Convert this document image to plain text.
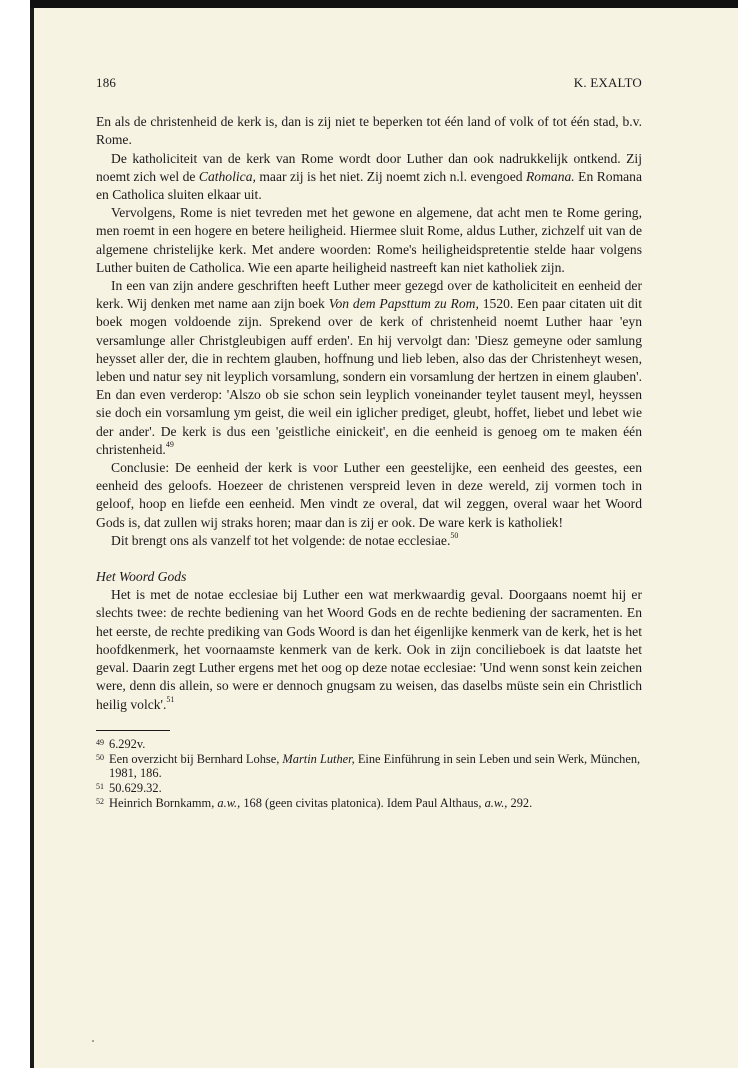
186	K. EXALTO

En als de christenheid de kerk is, dan is zij niet te beperken tot één land of volk of tot één stad, b.v. Rome.

De katholiciteit van de kerk van Rome wordt door Luther dan ook nadrukkelijk ontkend. Zij noemt zich wel de Catholica, maar zij is het niet. Zij noemt zich n.l. evengoed Romana. En Romana en Catholica sluiten elkaar uit.

Vervolgens, Rome is niet tevreden met het gewone en algemene, dat acht men te Rome gering, men roemt in een hogere en betere heiligheid. Hiermee sluit Rome, aldus Luther, zichzelf uit van de algemene christelijke kerk. Met andere woorden: Rome's heiligheidspretentie stelde haar volgens Luther buiten de Catholica. Wie een aparte heiligheid nastreeft kan niet katholiek zijn.

In een van zijn andere geschriften heeft Luther meer gezegd over de katholiciteit en eenheid der kerk. Wij denken met name aan zijn boek Von dem Papsttum zu Rom, 1520. Een paar citaten uit dit boek mogen voldoende zijn. Sprekend over de kerk of christenheid noemt Luther haar 'eyn versamlunge aller Christgleubigen auff erden'. En hij vervolgt dan: 'Diesz gemeyne oder samlung heysset aller der, die in rechtem glauben, hoffnung und lieb leben, also das der Christenheyt wesen, leben und natur sey nit leyplich vorsamlung, sondern ein vorsamlung der hertzen in einem glauben'. En dan even verderop: 'Alszo ob sie schon sein leyplich voneinander teylet tausent meyl, heyssen sie doch ein vorsamlung ym geist, die weil ein iglicher prediget, gleubt, hoffet, liebet und lebet wie der ander'. De kerk is dus een 'geistliche einickeit', en die eenheid is genoeg om te maken één christenheid.$^{49}$

Conclusie: De eenheid der kerk is voor Luther een geestelijke, een eenheid des geestes, een eenheid des geloofs. Hoezeer de christenen verspreid leven in deze wereld, zij vormen toch in geloof, hoop en liefde een eenheid. Men vindt ze overal, dat wil zeggen, overal waar het Woord Gods is, dat zullen wij straks horen; maar dan is zij er ook. De ware kerk is katholiek!

Dit brengt ons als vanzelf tot het volgende: de notae ecclesiae.$^{50}$

Het Woord Gods

Het is met de notae ecclesiae bij Luther een wat merkwaardig geval. Doorgaans noemt hij er slechts twee: de rechte bediening van het Woord Gods en de rechte bediening der sacramenten. En het eerste, de rechte prediking van Gods Woord is dan het éigenlijke kenmerk van de kerk, het is het hoofdkenmerk, het voornaamste kenmerk van de kerk. Ook in zijn concilieboek is dat laatste het geval. Daarin zegt Luther ergens met het oog op deze notae ecclesiae: 'Und wenn sonst kein zeichen were, denn dis allein, so were er dennoch gnugsam zu weisen, das daselbs müste sein ein Christlich heilig volck'.$^{51}$

49 6.292v.
50 Een overzicht bij Bernhard Lohse, Martin Luther, Eine Einführung in sein Leben und sein Werk, München, 1981, 186.
51 50.629.32.
52 Heinrich Bornkamm, a.w., 168 (geen civitas platonica). Idem Paul Althaus, a.w., 292.
